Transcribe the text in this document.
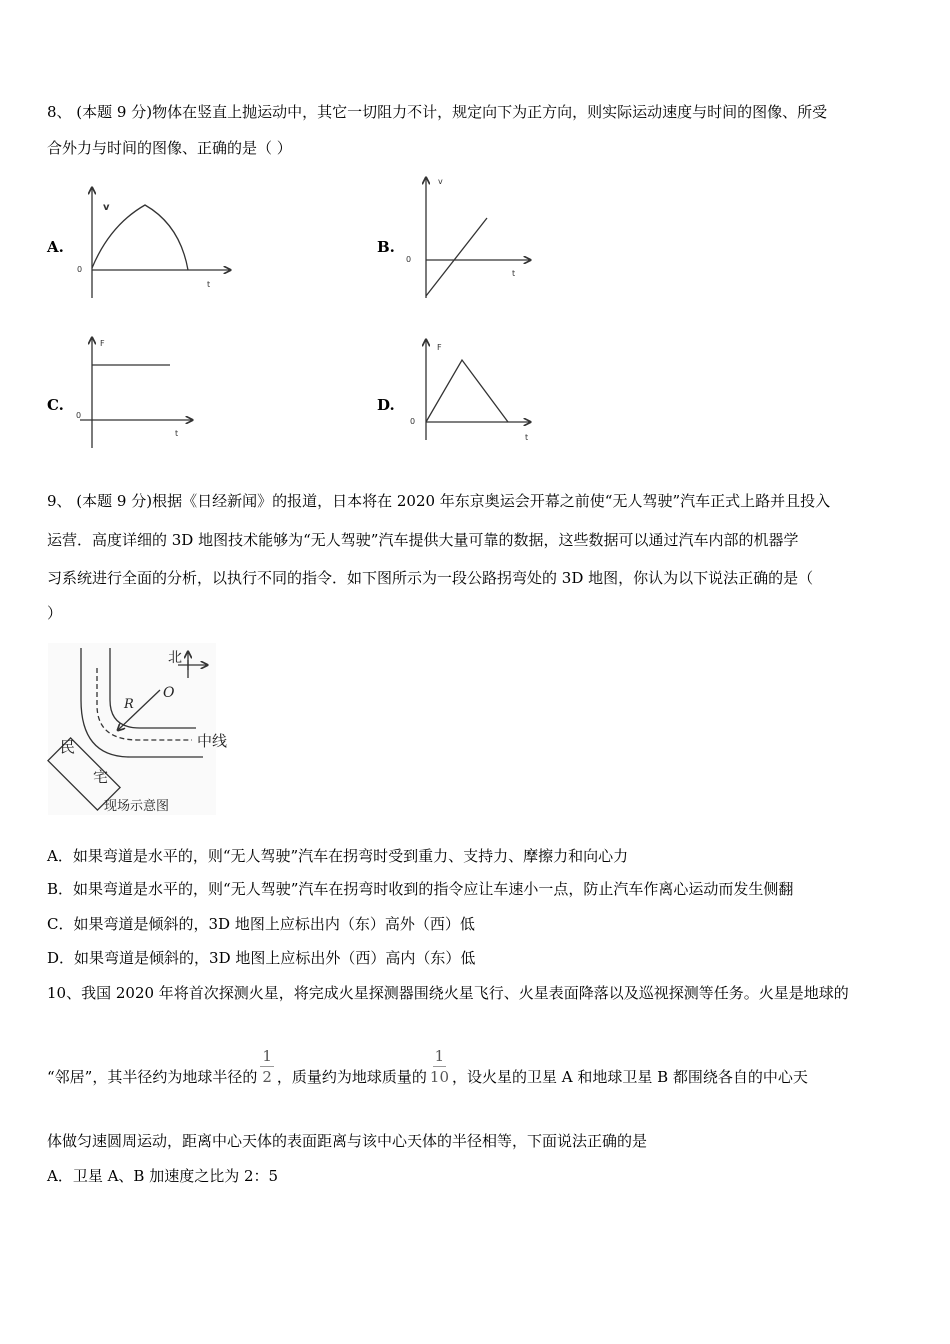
8、 (本题 9 分)物体在竖直上抛运动中，其它一切阻力不计，规定向下为正方向，则实际运动速度与时间的图像、所受
合外力与时间的图像、正确的是（ ）
A.	B.
C.	D.
v
0
t
v
0
t
F
0
t
F
0
t
北
O
R
中线
民
宅
现场示意图
9、 (本题 9 分)根据《日经新闻》的报道，日本将在 2020 年东京奥运会开幕之前使“无人驾驶”汽车正式上路并且投入
运营．高度详细的 3D 地图技术能够为“无人驾驶”汽车提供大量可靠的数据，这些数据可以通过汽车内部的机器学
习系统进行全面的分析，以执行不同的指令．如下图所示为一段公路拐弯处的 3D 地图，你认为以下说法正确的是（
）
A．如果弯道是水平的，则“无人驾驶”汽车在拐弯时受到重力、支持力、摩擦力和向心力
B．如果弯道是水平的，则“无人驾驶”汽车在拐弯时收到的指令应让车速小一点，防止汽车作离心运动而发生侧翻
C．如果弯道是倾斜的，3D 地图上应标出内（东）高外（西）低
D．如果弯道是倾斜的，3D 地图上应标出外（西）高内（东）低
10、我国 2020 年将首次探测火星，将完成火星探测器围绕火星飞行、火星表面降落以及巡视探测等任务。火星是地球的
“邻居”，其半径约为地球半径的 $\frac{1}{2}$ ，质量约为地球质量的 $\frac{1}{10}$ ，设火星的卫星 A 和地球卫星 B 都围绕各自的中心天
体做匀速圆周运动，距离中心天体的表面距离与该中心天体的半径相等，下面说法正确的是
A．卫星 A、B 加速度之比为 2：5
